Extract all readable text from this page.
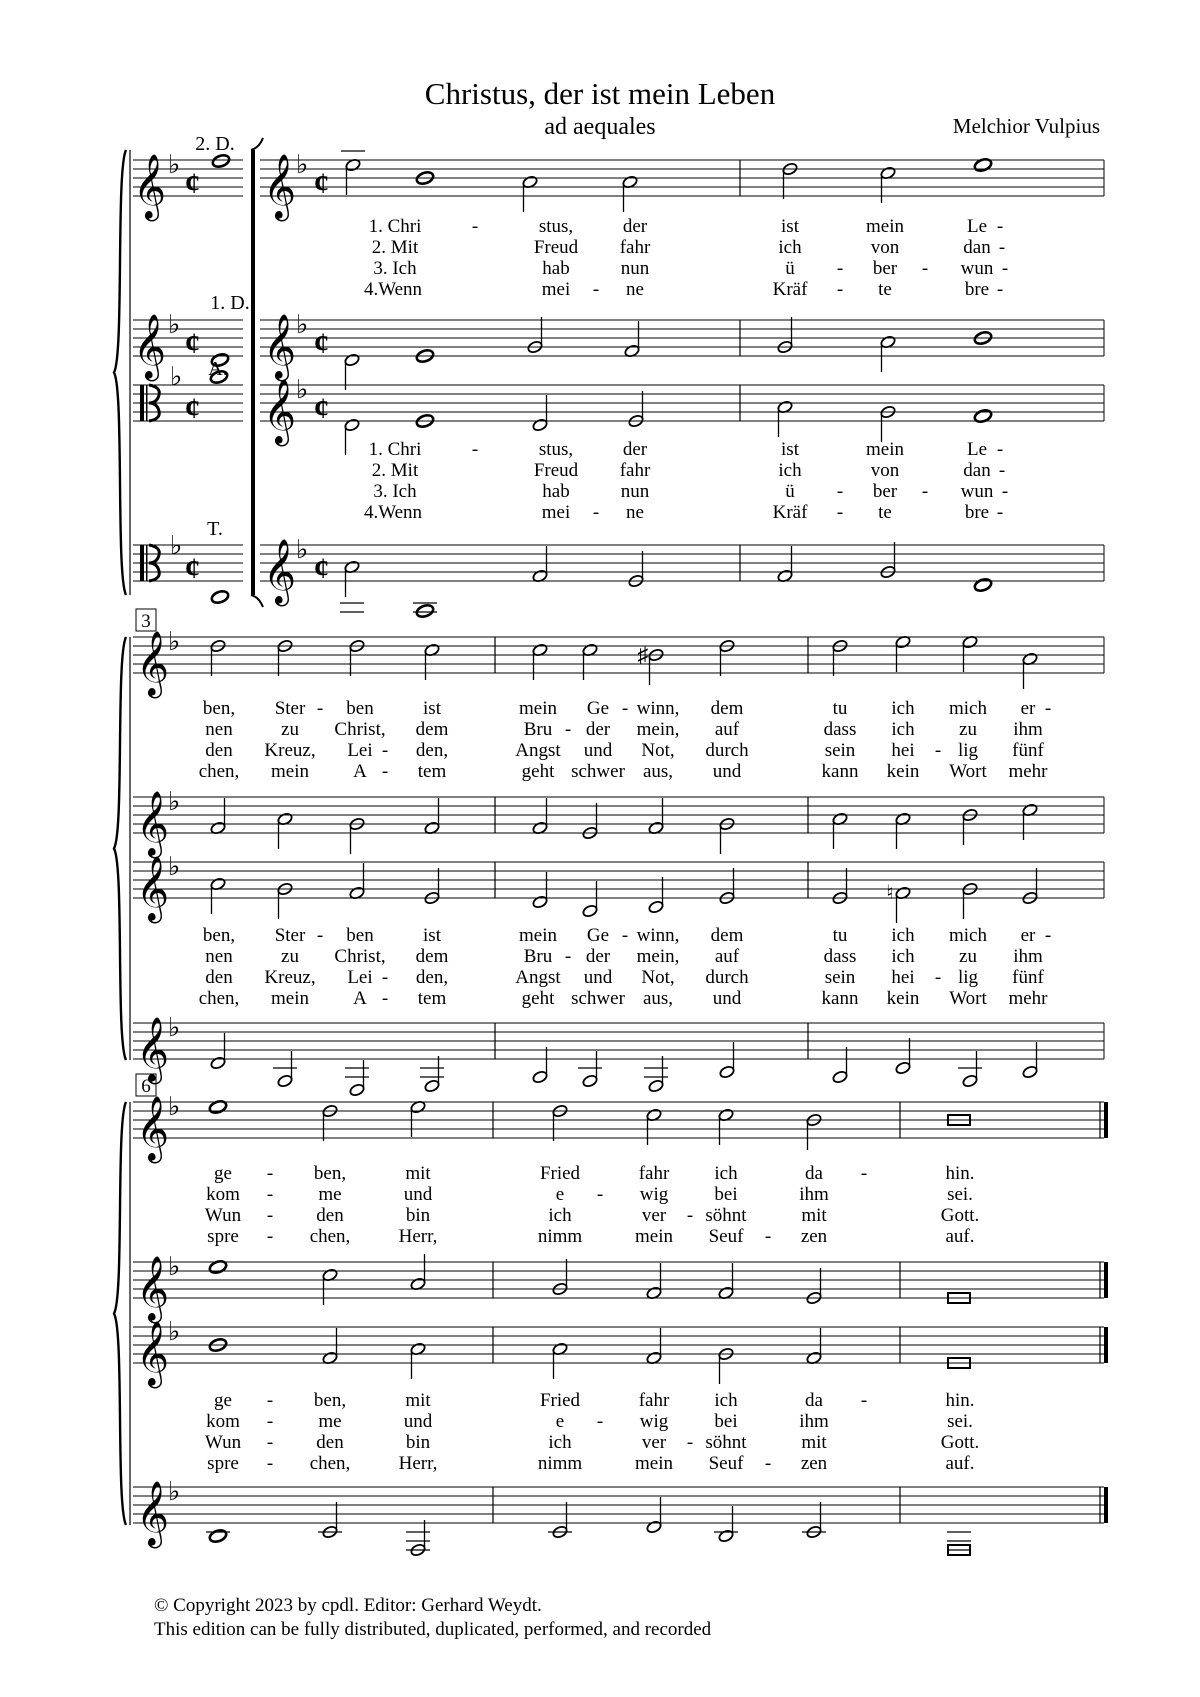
Christus, der ist mein Leben
ad aequales	Melchior Vulpius
2. D.
1. D.
A.
T.
𝄞 ♭
¢
𝄞 ♭
¢
♭
¢
♭
¢
𝄞 ♭
¢
𝄞 ♭
¢
𝄞 ♭
¢
𝄞 ♭
¢
1. Chri	-	stus,	der	ist	mein	Le -
2. Mit	Freud fahr	ich	von	dan -
3. Ich	hab	nun	ü - ber - wun -
4.Wenn	mei - ne	Kräf - te	bre -
1. Chri	-	stus,	der	ist	mein	Le -
2. Mit	Freud fahr	ich	von	dan -
3. Ich	hab	nun	ü - ber - wun -
4.Wenn	mei - ne	Kräf - te	bre -
3
𝄞
♭
𝄞
♭
𝄞
♭
𝄞
♭
♯
♮
ben, Ster - ben	ist	mein Ge - winn, dem	tu ich mich er -
nen	zu Christ, dem	Bru - der mein, auf	dass ich zu ihm
den Kreuz, Lei - den,	Angst und Not, durch	sein hei - lig fünf
chen, mein A - tem	geht schwer aus, und	kann kein Wort mehr
ben, Ster - ben	ist	mein Ge - winn, dem	tu ich mich er -
nen	zu Christ, dem	Bru - der mein, auf	dass ich zu ihm
den Kreuz, Lei - den,	Angst und Not, durch	sein hei - lig fünf
chen, mein A - tem	geht schwer aus, und	kann kein Wort mehr
6
𝄞
♭
𝄞
♭
𝄞
♭
𝄞
♭
ge - ben,	mit	Fried	fahr ich	da -	hin.
kom - me	und	e - wig bei	ihm	sei.
Wun - den	bin	ich	ver - söhnt	mit	Gott.
spre - chen,	Herr,	nimm	mein Seuf - zen	auf.
ge - ben,	mit	Fried	fahr ich	da -	hin.
kom - me	und	e - wig bei	ihm	sei.
Wun - den	bin	ich	ver - söhnt	mit	Gott.
spre - chen,	Herr,	nimm	mein Seuf - zen	auf.
© Copyright 2023 by cpdl. Editor: Gerhard Weydt.
This edition can be fully distributed, duplicated, performed, and recorded
